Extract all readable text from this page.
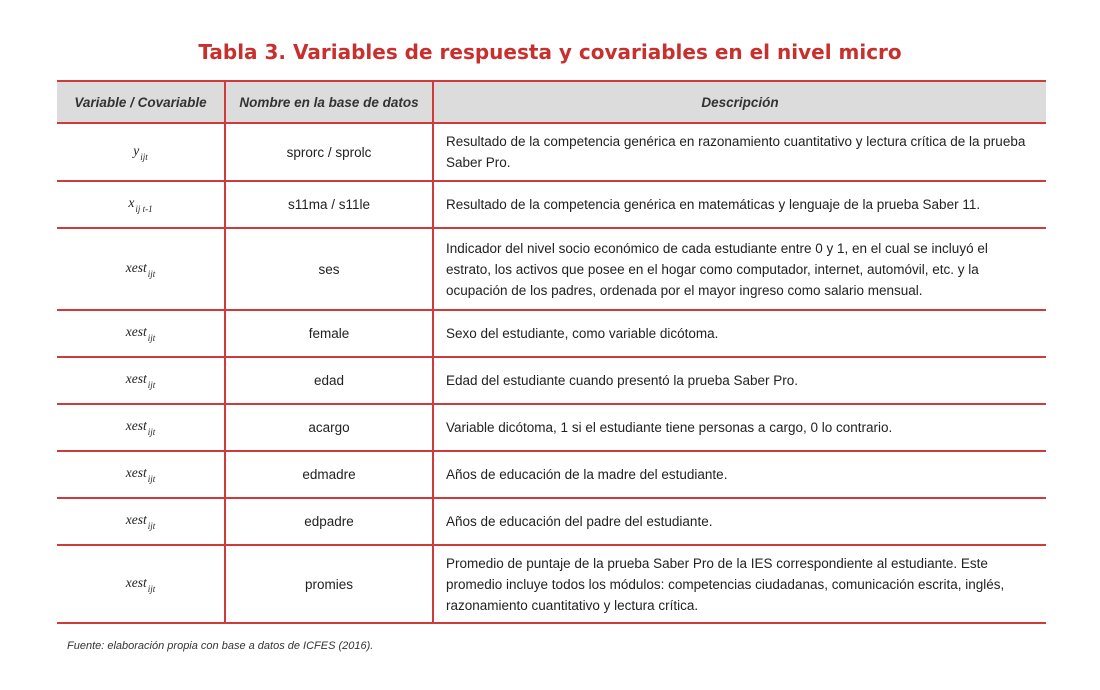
Tabla 3. Variables de respuesta y covariables en el nivel micro
Variable / Covariable	Nombre en la base de datos	Descripción
$y_{ijt}$	sprorc / sprolc	Resultado de la competencia genérica en razonamiento cuantitativo y lectura crítica de la prueba Saber Pro.
$x_{ij t-1}$	s11ma / s11le	Resultado de la competencia genérica en matemáticas y lenguaje de la prueba Saber 11.
xest$_{ijt}$	ses	Indicador del nivel socio económico de cada estudiante entre 0 y 1, en el cual se incluyó el estrato, los activos que posee en el hogar como computador, internet, automóvil, etc. y la ocupación de los padres, ordenada por el mayor ingreso como salario mensual.
xest$_{ijt}$	female	Sexo del estudiante, como variable dicótoma.
xest$_{ijt}$	edad	Edad del estudiante cuando presentó la prueba Saber Pro.
xest$_{ijt}$	acargo	Variable dicótoma, 1 si el estudiante tiene personas a cargo, 0 lo contrario.
xest$_{ijt}$	edmadre	Años de educación de la madre del estudiante.
xest$_{ijt}$	edpadre	Años de educación del padre del estudiante.
xest$_{ijt}$	promies	Promedio de puntaje de la prueba Saber Pro de la IES correspondiente al estudiante. Este promedio incluye todos los módulos: competencias ciudadanas, comunicación escrita, inglés, razonamiento cuantitativo y lectura crítica.
Fuente: elaboración propia con base a datos de ICFES (2016).
